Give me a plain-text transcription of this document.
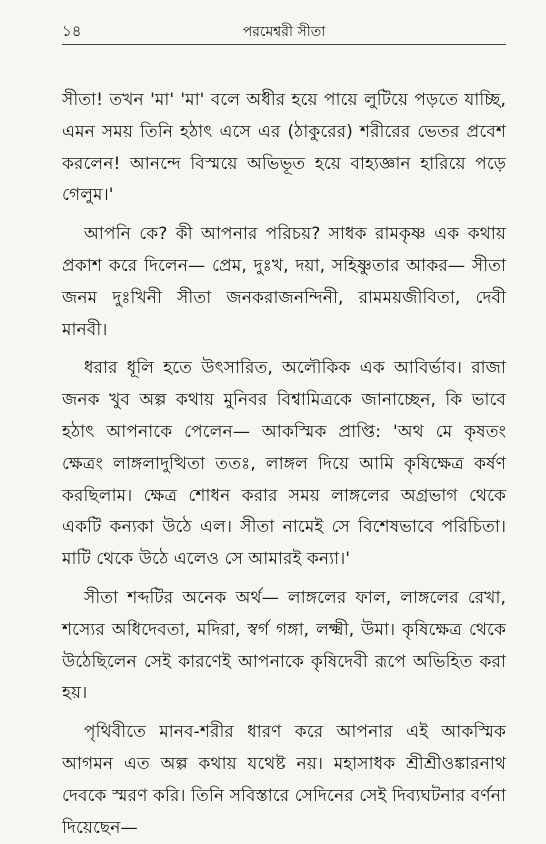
১৪	পরমেশ্বরী সীতা

সীতা! তখন 'মা' 'মা' বলে অধীর হয়ে পায়ে লুটিয়ে পড়তে যাচ্ছি, এমন সময় তিনি হঠাৎ এসে এর (ঠাকুরের) শরীরের ভেতর প্রবেশ করলেন! আনন্দে বিস্ময়ে অভিভূত হয়ে বাহ্যজ্ঞান হারিয়ে পড়ে গেলুম।'

আপনি কে? কী আপনার পরিচয়? সাধক রামকৃষ্ণ এক কথায় প্রকাশ করে দিলেন— প্রেম, দুঃখ, দয়া, সহিষ্ণুতার আকর— সীতা জনম দুঃখিনী সীতা জনকরাজনন্দিনী, রামময়জীবিতা, দেবী মানবী।

ধরার ধূলি হতে উৎসারিত, অলৌকিক এক আবির্ভাব। রাজা জনক খুব অল্প কথায় মুনিবর বিশ্বামিত্রকে জানাচ্ছেন, কি ভাবে হঠাৎ আপনাকে পেলেন— আকস্মিক প্রাপ্তি: 'অথ মে কৃষতং ক্ষেত্রং লাঙ্গলাদুত্থিতা ততঃ, লাঙ্গল দিয়ে আমি কৃষিক্ষেত্র কর্ষণ করছিলাম। ক্ষেত্র শোধন করার সময় লাঙ্গলের অগ্রভাগ থেকে একটি কন্যকা উঠে এল। সীতা নামেই সে বিশেষভাবে পরিচিতা। মাটি থেকে উঠে এলেও সে আমারই কন্যা।'

সীতা শব্দটির অনেক অর্থ— লাঙ্গলের ফাল, লাঙ্গলের রেখা, শস্যের অধিদেবতা, মদিরা, স্বর্গ গঙ্গা, লক্ষ্মী, উমা। কৃষিক্ষেত্র থেকে উঠেছিলেন সেই কারণেই আপনাকে কৃষিদেবী রূপে অভিহিত করা হয়।

পৃথিবীতে মানব-শরীর ধারণ করে আপনার এই আকস্মিক আগমন এত অল্প কথায় যথেষ্ট নয়। মহাসাধক শ্রীশ্রীওঙ্কারনাথ দেবকে স্মরণ করি। তিনি সবিস্তারে সেদিনের সেই দিব্যঘটনার বর্ণনা দিয়েছেন—
